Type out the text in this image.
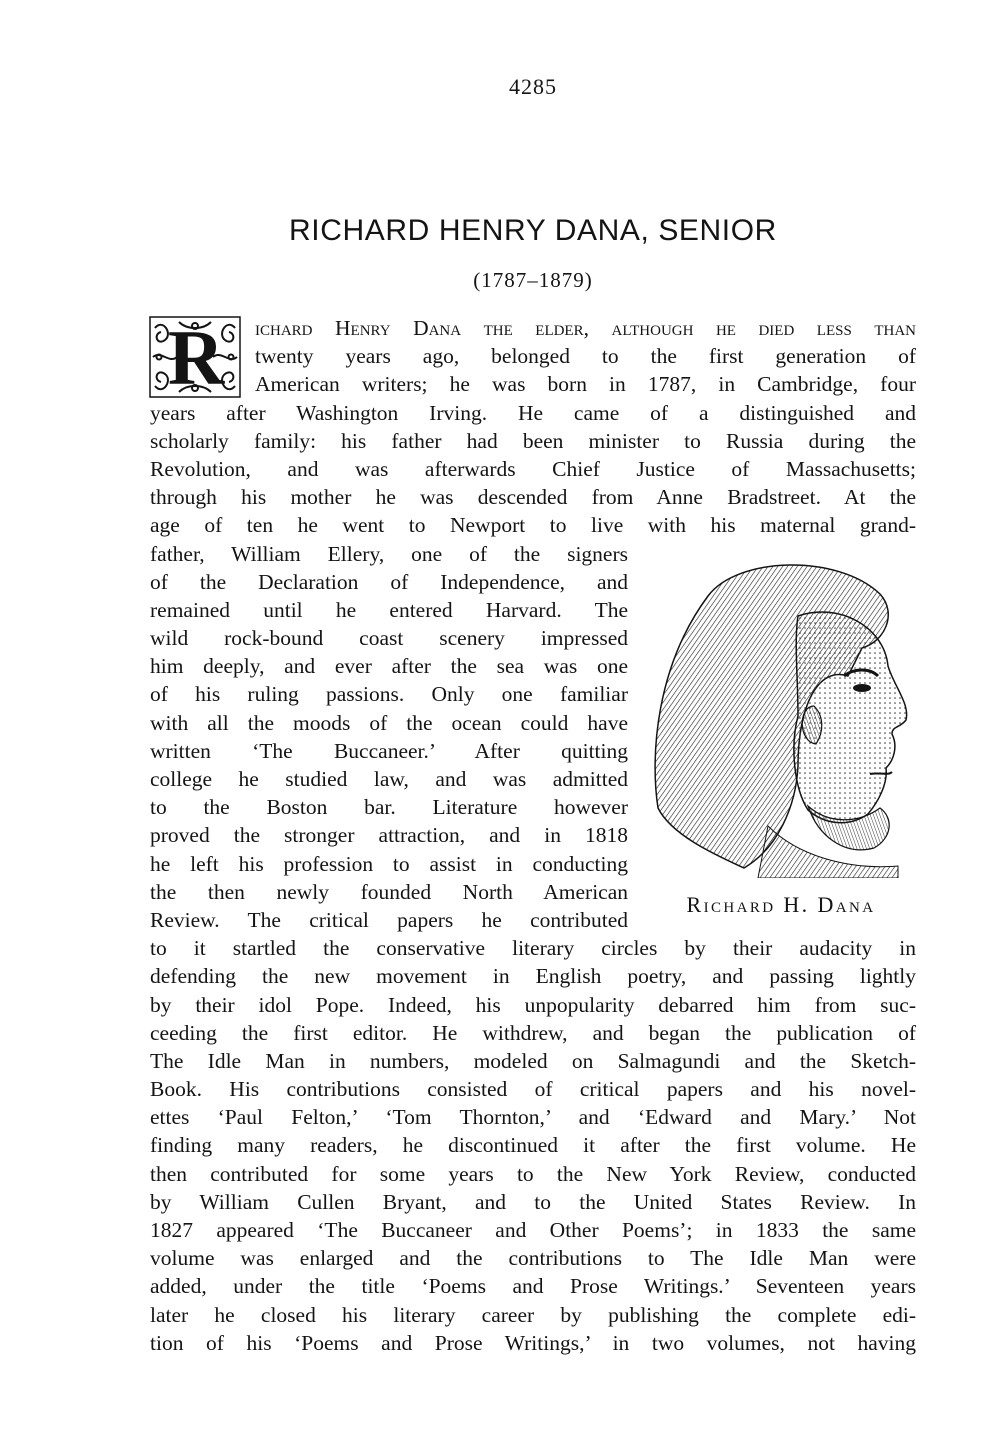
4285
RICHARD HENRY DANA, SENIOR
(1787–1879)
R ichard Henry Dana the elder, although he died less than
twenty years ago, belonged to the first generation of
American writers; he was born in 1787, in Cambridge, four
years after Washington Irving. He came of a distinguished and
scholarly family: his father had been minister to Russia during the
Revolution, and was afterwards Chief Justice of Massachusetts;
through his mother he was descended from Anne Bradstreet. At the
age of ten he went to Newport to live with his maternal grand-
father, William Ellery, one of the signers
of the Declaration of Independence, and
remained until he entered Harvard. The
wild rock-bound coast scenery impressed
him deeply, and ever after the sea was one
of his ruling passions. Only one familiar
with all the moods of the ocean could have
written ‘The Buccaneer.’ After quitting
college he studied law, and was admitted
to the Boston bar. Literature however
proved the stronger attraction, and in 1818
he left his profession to assist in conducting
the then newly founded North American
Review. The critical papers he contributed
to it startled the conservative literary circles by their audacity in
defending the new movement in English poetry, and passing lightly
by their idol Pope. Indeed, his unpopularity debarred him from suc-
ceeding the first editor. He withdrew, and began the publication of
The Idle Man in numbers, modeled on Salmagundi and the Sketch-
Book. His contributions consisted of critical papers and his novel-
ettes ‘Paul Felton,’ ‘Tom Thornton,’ and ‘Edward and Mary.’ Not
finding many readers, he discontinued it after the first volume. He
then contributed for some years to the New York Review, conducted
by William Cullen Bryant, and to the United States Review. In
1827 appeared ‘The Buccaneer and Other Poems’; in 1833 the same
volume was enlarged and the contributions to The Idle Man were
added, under the title ‘Poems and Prose Writings.’ Seventeen years
later he closed his literary career by publishing the complete edi-
tion of his ‘Poems and Prose Writings,’ in two volumes, not having
Richard H. Dana
